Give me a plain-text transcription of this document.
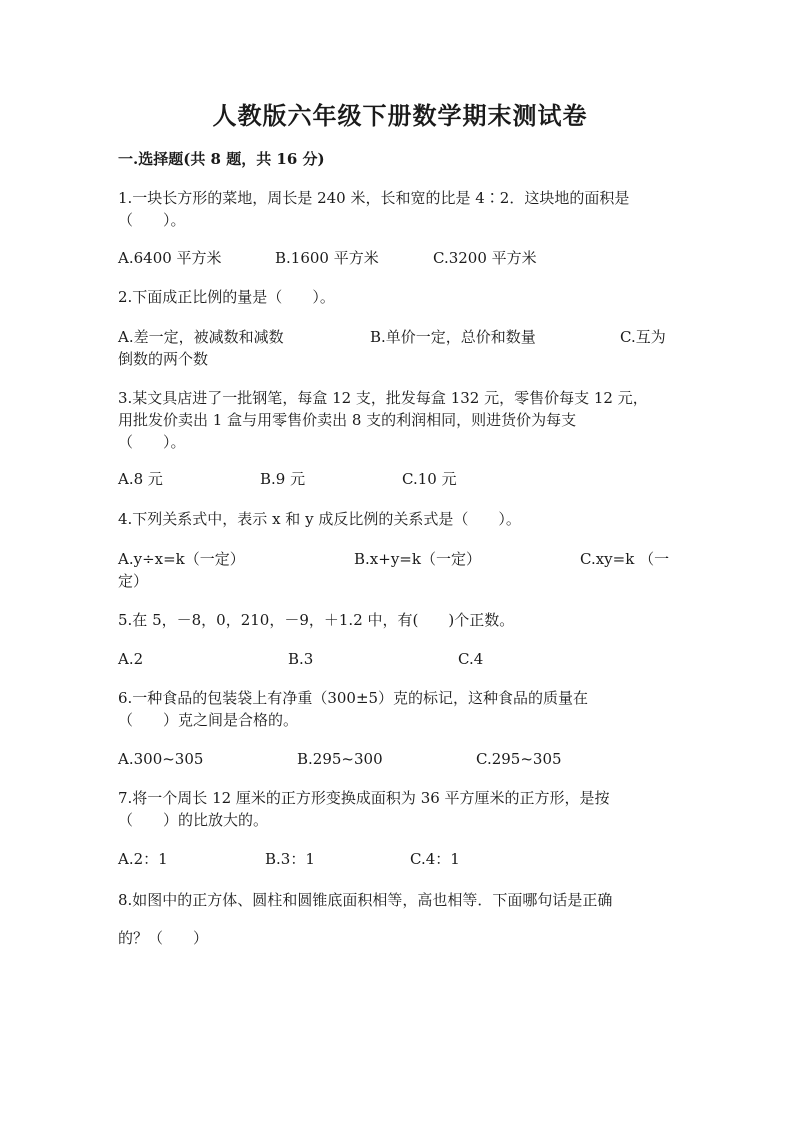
人教版六年级下册数学期末测试卷
一.选择题(共 8 题，共 16 分)
1.一块长方形的菜地，周长是 240 米，长和宽的比是 4∶2．这块地的面积是
（　　）。
A.6400 平方米	B.1600 平方米	C.3200 平方米
2.下面成正比例的量是（　　）。
A.差一定，被减数和减数	B.单价一定，总价和数量	C.互为
倒数的两个数
3.某文具店进了一批钢笔，每盒 12 支，批发每盒 132 元，零售价每支 12 元，
用批发价卖出 1 盒与用零售价卖出 8 支的利润相同，则进货价为每支
（　　）。
A.8 元	B.9 元	C.10 元
4.下列关系式中，表示 x 和 y 成反比例的关系式是（　　）。
A.y÷x=k（一定）	B.x+y=k（一定）	C.xy=k （一
定）
5.在 5，－8，0，210，－9，＋1.2 中，有(　　)个正数。
A.2	B.3	C.4
6.一种食品的包装袋上有净重（300±5）克的标记，这种食品的质量在
（　　）克之间是合格的。
A.300~305	B.295~300	C.295~305
7.将一个周长 12 厘米的正方形变换成面积为 36 平方厘米的正方形，是按
（　　）的比放大的。
A.2：1	B.3：1	C.4：1
8.如图中的正方体、圆柱和圆锥底面积相等，高也相等．下面哪句话是正确
的？（　　）
